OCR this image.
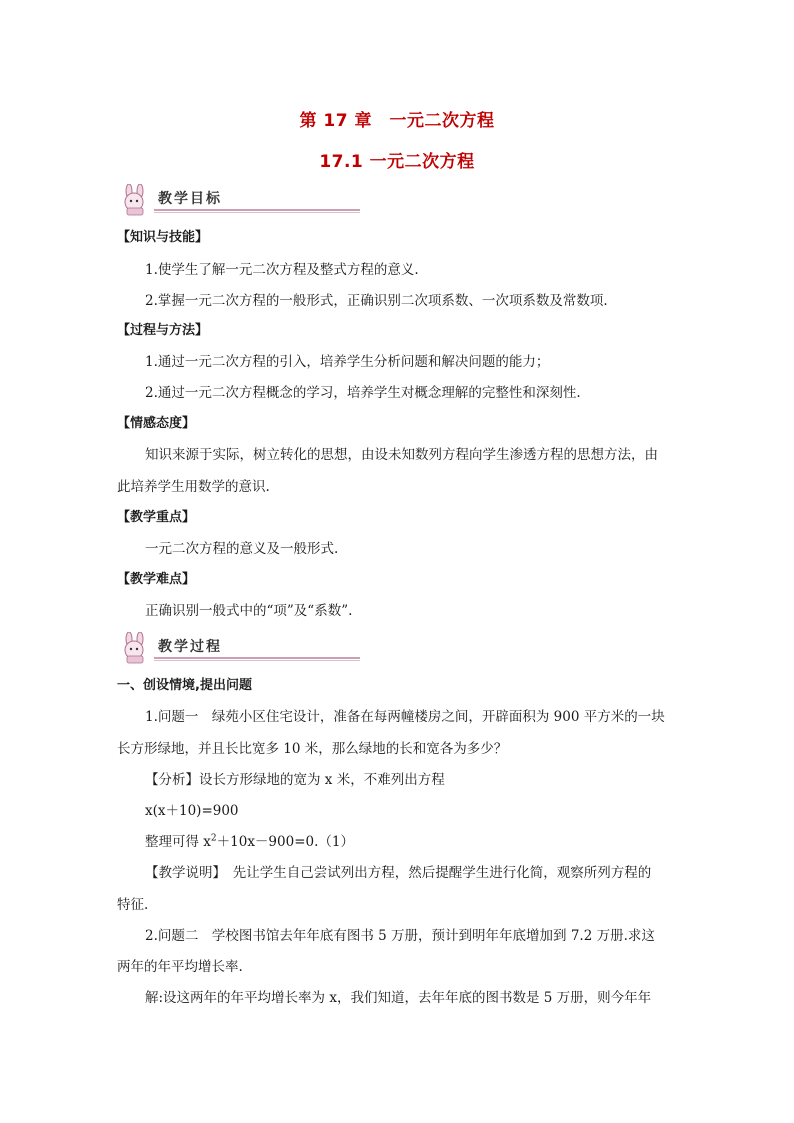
第 17 章　一元二次方程
17.1 一元二次方程
教学目标

【知识与技能】

1.使学生了解一元二次方程及整式方程的意义.

2.掌握一元二次方程的一般形式，正确识别二次项系数、一次项系数及常数项.

【过程与方法】

1.通过一元二次方程的引入，培养学生分析问题和解决问题的能力；

2.通过一元二次方程概念的学习，培养学生对概念理解的完整性和深刻性.

【情感态度】

知识来源于实际，树立转化的思想，由设未知数列方程向学生渗透方程的思想方法，由

此培养学生用数学的意识.

【教学重点】

一元二次方程的意义及一般形式.

【教学难点】

正确识别一般式中的“项”及“系数”.

教学过程

一、创设情境,提出问题

1.问题一　绿苑小区住宅设计，准备在每两幢楼房之间，开辟面积为 900 平方米的一块

长方形绿地，并且长比宽多 10 米，那么绿地的长和宽各为多少？

【分析】设长方形绿地的宽为 x 米，不难列出方程

x(x＋10)=900

整理可得 $x^2+10x-900=0.(1)$

【教学说明】　先让学生自己尝试列出方程，然后提醒学生进行化简，观察所列方程的

特征.

2.问题二　学校图书馆去年年底有图书 5 万册，预计到明年年底增加到 7.2 万册.求这

两年的年平均增长率.

解:设这两年的年平均增长率为 x，我们知道，去年年底的图书数是 5 万册，则今年年
